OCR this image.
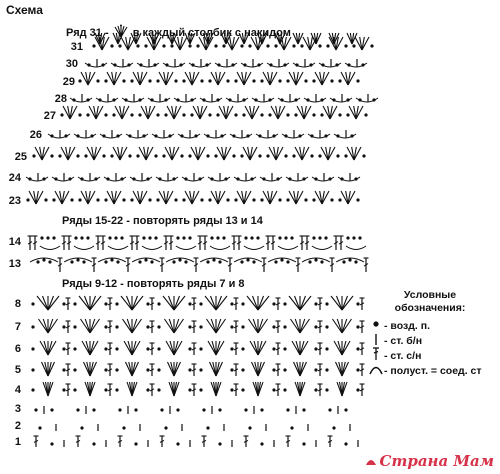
Схема
Ряд 31 - в каждый столбик с накидом
Ряды 15-22 - повторять ряды 13 и 14
Ряды 9-12 - повторять ряды 7 и 8
31
30
29
28
27
26
25
24
23
14
13
8
7
6
5
4
3
2
1
Условные
обозначения:
- возд. п.
- ст. б/н
- ст. с/н
- полуст. = соед. ст
Страна Мам
